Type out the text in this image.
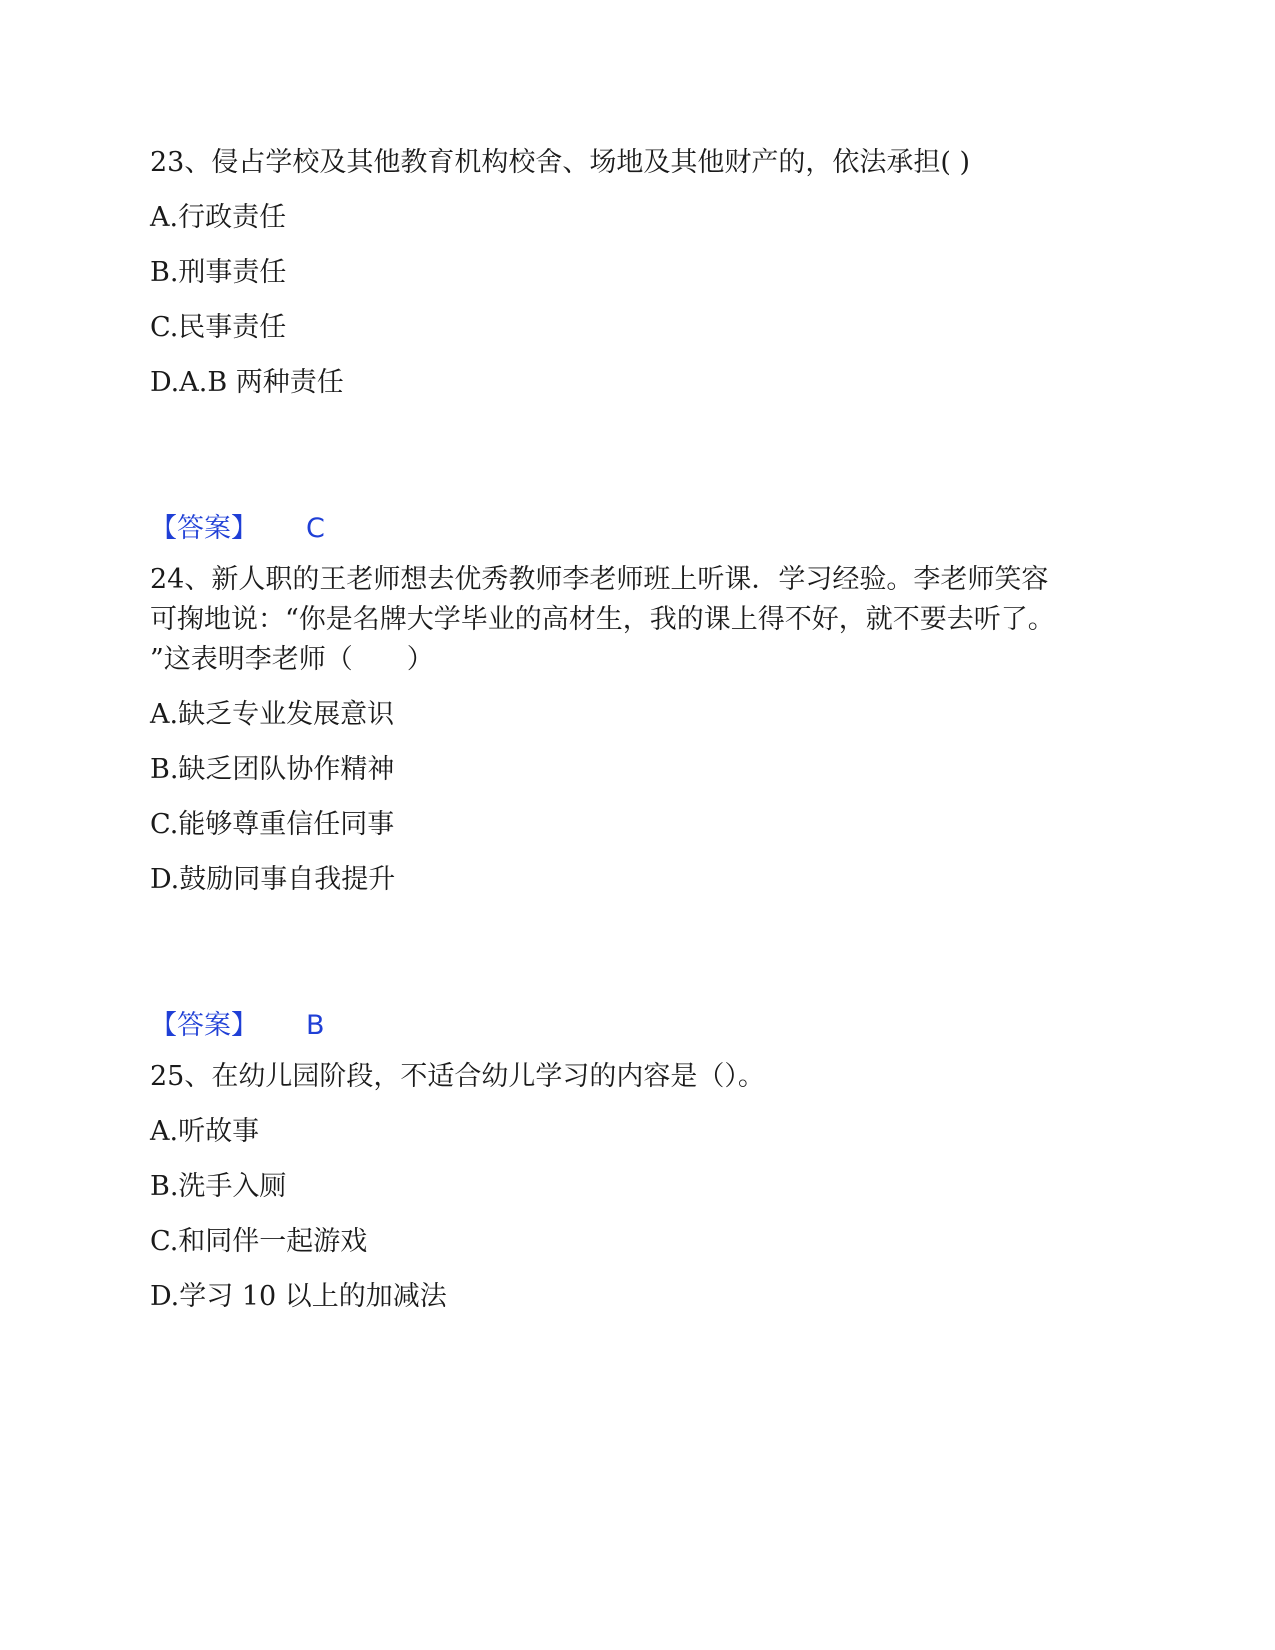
23、侵占学校及其他教育机构校舍、场地及其他财产的，依法承担( )
A.行政责任
B.刑事责任
C.民事责任
D.A.B 两种责任
【答案】 C
24、新人职的王老师想去优秀教师李老师班上听课．学习经验。李老师笑容
可掬地说：“你是名牌大学毕业的高材生，我的课上得不好，就不要去听了。
”这表明李老师（　　）
A.缺乏专业发展意识
B.缺乏团队协作精神
C.能够尊重信任同事
D.鼓励同事自我提升
【答案】 B
25、在幼儿园阶段，不适合幼儿学习的内容是（）。
A.听故事
B.洗手入厕
C.和同伴一起游戏
D.学习 10 以上的加减法
